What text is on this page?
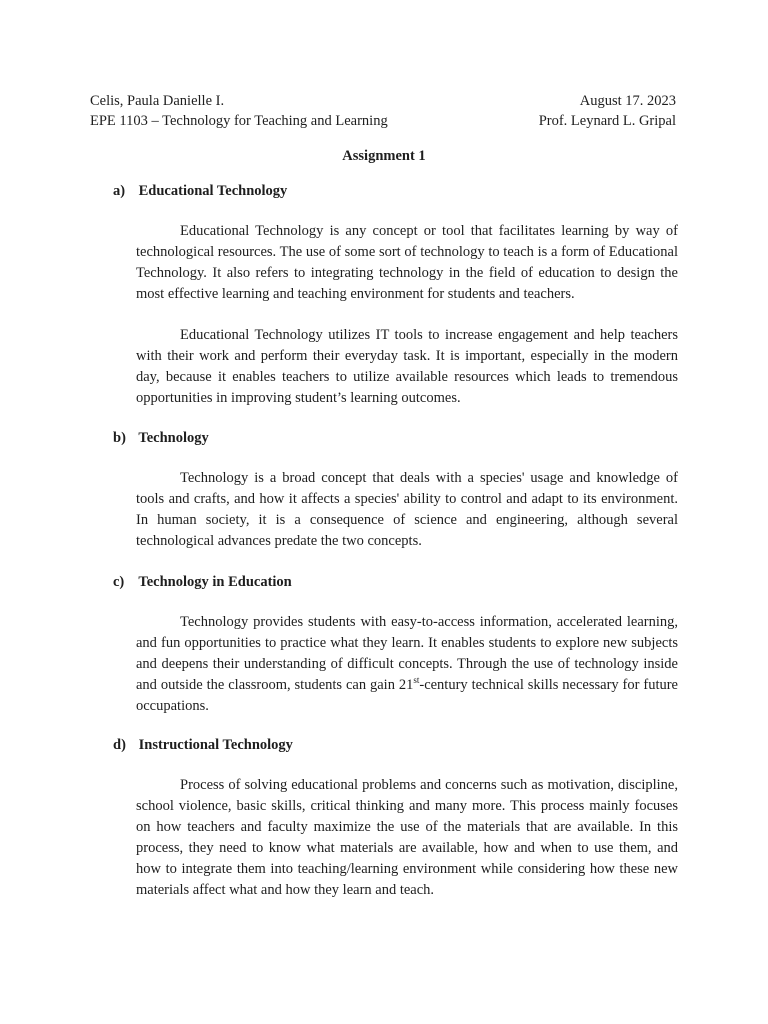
Celis, Paula Danielle I.	August 17. 2023
EPE 1103 – Technology for Teaching and Learning	Prof. Leynard L. Gripal
Assignment 1
a) Educational Technology

Educational Technology is any concept or tool that facilitates learning by way of technological resources. The use of some sort of technology to teach is a form of Educational Technology. It also refers to integrating technology in the field of education to design the most effective learning and teaching environment for students and teachers.

Educational Technology utilizes IT tools to increase engagement and help teachers with their work and perform their everyday task. It is important, especially in the modern day, because it enables teachers to utilize available resources which leads to tremendous opportunities in improving student’s learning outcomes.

b) Technology

Technology is a broad concept that deals with a species' usage and knowledge of tools and crafts, and how it affects a species' ability to control and adapt to its environment. In human society, it is a consequence of science and engineering, although several technological advances predate the two concepts.

c) Technology in Education

Technology provides students with easy-to-access information, accelerated learning, and fun opportunities to practice what they learn. It enables students to explore new subjects and deepens their understanding of difficult concepts. Through the use of technology inside and outside the classroom, students can gain 21st-century technical skills necessary for future occupations.

d) Instructional Technology

Process of solving educational problems and concerns such as motivation, discipline, school violence, basic skills, critical thinking and many more. This process mainly focuses on how teachers and faculty maximize the use of the materials that are available. In this process, they need to know what materials are available, how and when to use them, and how to integrate them into teaching/learning environment while considering how these new materials affect what and how they learn and teach.
